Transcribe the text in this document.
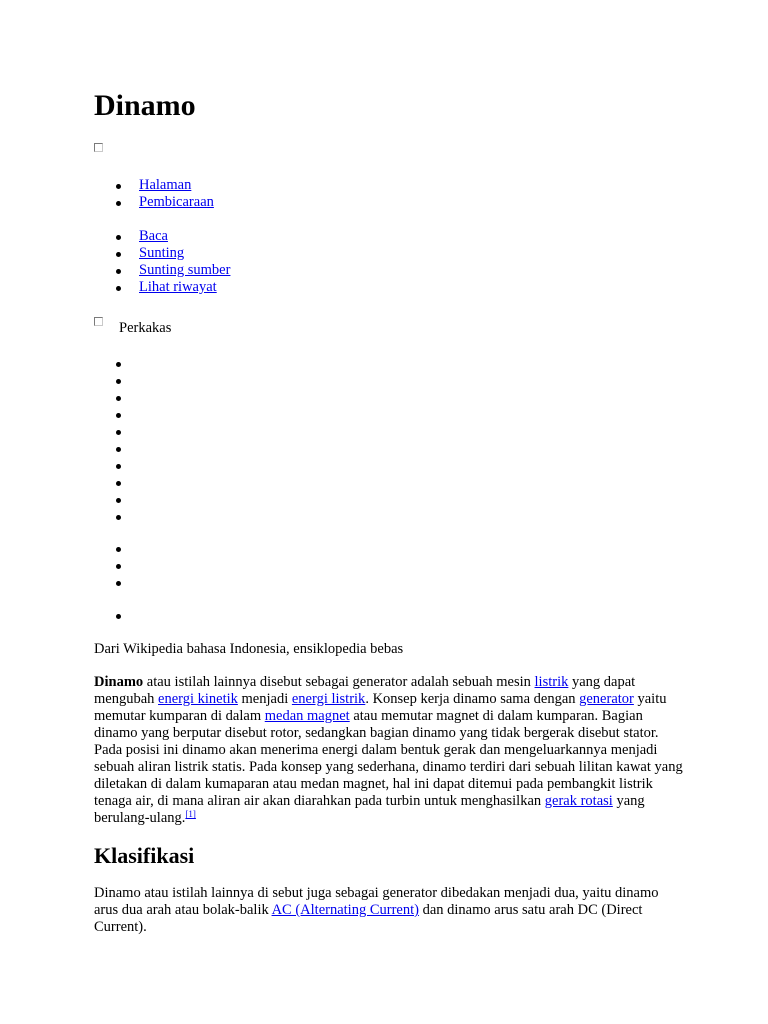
Dinamo
Halaman
Pembicaraan
Baca
Sunting
Sunting sumber
Lihat riwayat
Perkakas

Dari Wikipedia bahasa Indonesia, ensiklopedia bebas

Dinamo atau istilah lainnya disebut sebagai generator adalah sebuah mesin listrik yang dapat mengubah energi kinetik menjadi energi listrik. Konsep kerja dinamo sama dengan generator yaitu memutar kumparan di dalam medan magnet atau memutar magnet di dalam kumparan. Bagian dinamo yang berputar disebut rotor, sedangkan bagian dinamo yang tidak bergerak disebut stator. Pada posisi ini dinamo akan menerima energi dalam bentuk gerak dan mengeluarkannya menjadi sebuah aliran listrik statis. Pada konsep yang sederhana, dinamo terdiri dari sebuah lilitan kawat yang diletakan di dalam kumaparan atau medan magnet, hal ini dapat ditemui pada pembangkit listrik tenaga air, di mana aliran air akan diarahkan pada turbin untuk menghasilkan gerak rotasi yang berulang-ulang.[1]

Klasifikasi

Dinamo atau istilah lainnya di sebut juga sebagai generator dibedakan menjadi dua, yaitu dinamo arus dua arah atau bolak-balik AC (Alternating Current) dan dinamo arus satu arah DC (Direct Current).
